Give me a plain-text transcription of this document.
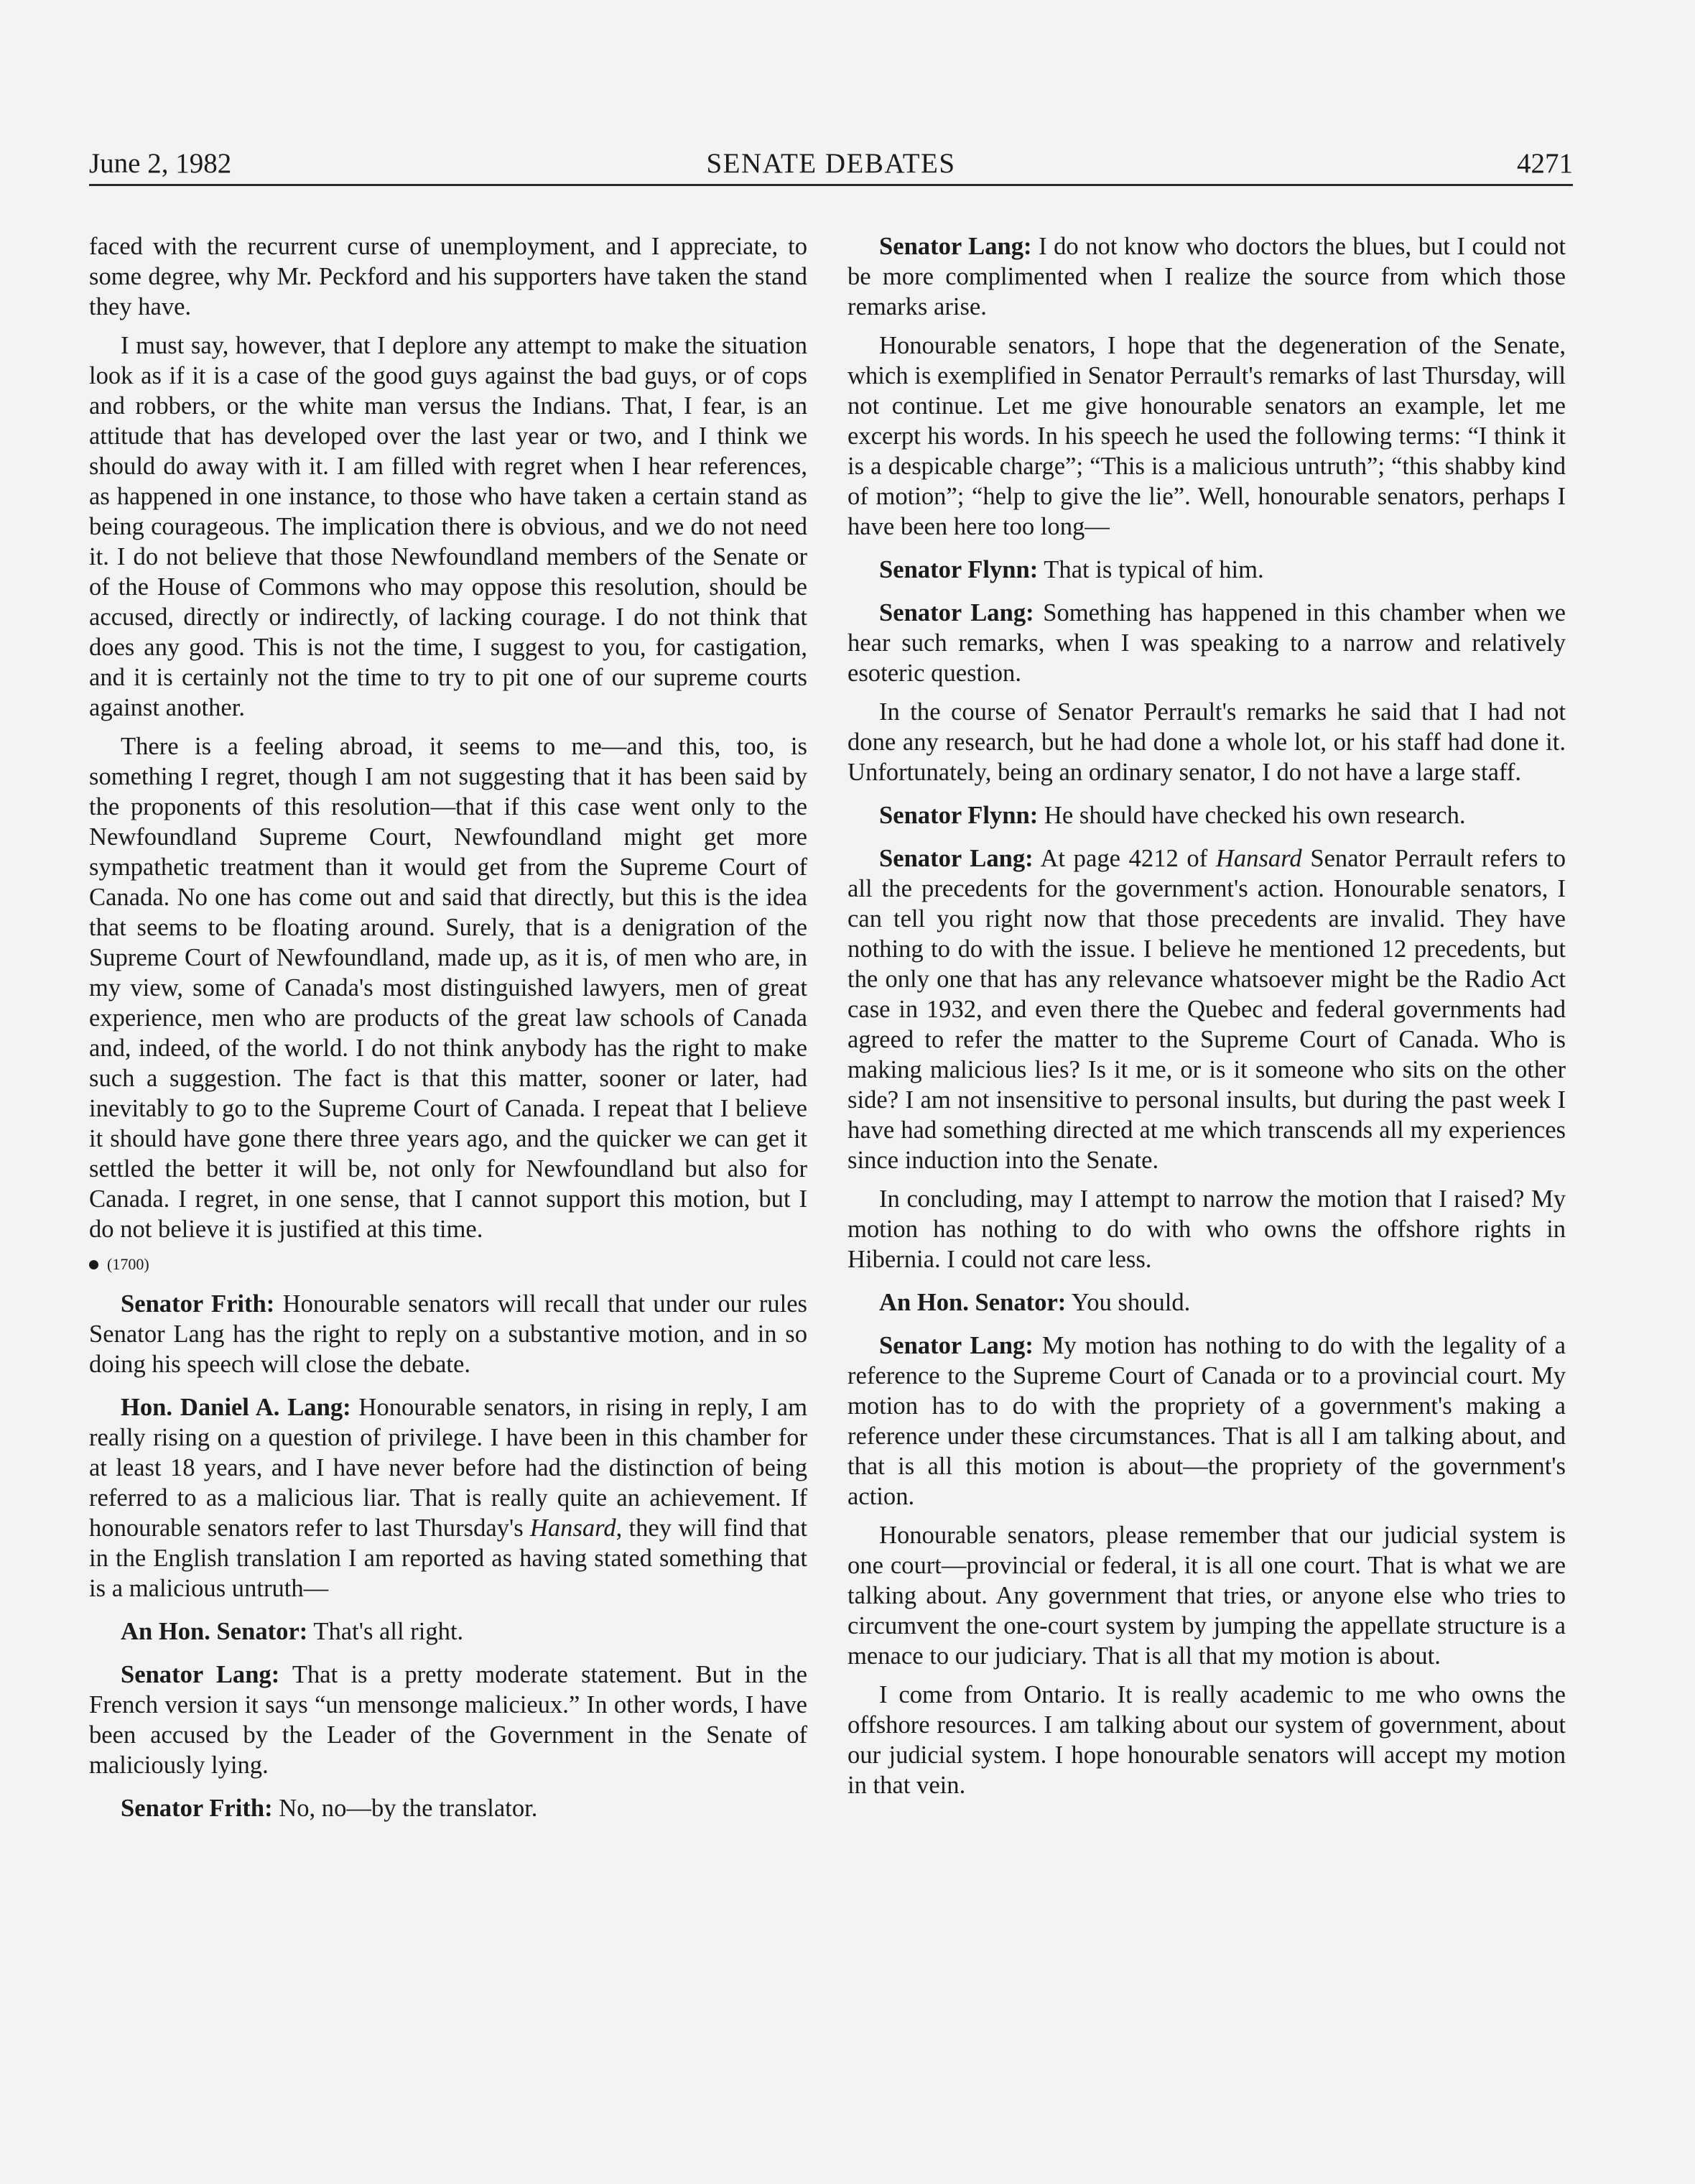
June 2, 1982	SENATE DEBATES	4271

faced with the recurrent curse of unemployment, and I appreciate, to some degree, why Mr. Peckford and his supporters have taken the stand they have.

I must say, however, that I deplore any attempt to make the situation look as if it is a case of the good guys against the bad guys, or of cops and robbers, or the white man versus the Indians. That, I fear, is an attitude that has developed over the last year or two, and I think we should do away with it. I am filled with regret when I hear references, as happened in one instance, to those who have taken a certain stand as being courageous. The implication there is obvious, and we do not need it. I do not believe that those Newfoundland members of the Senate or of the House of Commons who may oppose this resolution, should be accused, directly or indirectly, of lacking courage. I do not think that does any good. This is not the time, I suggest to you, for castigation, and it is certainly not the time to try to pit one of our supreme courts against another.

There is a feeling abroad, it seems to me—and this, too, is something I regret, though I am not suggesting that it has been said by the proponents of this resolution—that if this case went only to the Newfoundland Supreme Court, Newfoundland might get more sympathetic treatment than it would get from the Supreme Court of Canada. No one has come out and said that directly, but this is the idea that seems to be floating around. Surely, that is a denigration of the Supreme Court of Newfoundland, made up, as it is, of men who are, in my view, some of Canada's most distinguished lawyers, men of great experience, men who are products of the great law schools of Canada and, indeed, of the world. I do not think anybody has the right to make such a suggestion. The fact is that this matter, sooner or later, had inevitably to go to the Supreme Court of Canada. I repeat that I believe it should have gone there three years ago, and the quicker we can get it settled the better it will be, not only for Newfoundland but also for Canada. I regret, in one sense, that I cannot support this motion, but I do not believe it is justified at this time.

(1700)

Senator Frith: Honourable senators will recall that under our rules Senator Lang has the right to reply on a substantive motion, and in so doing his speech will close the debate.

Hon. Daniel A. Lang: Honourable senators, in rising in reply, I am really rising on a question of privilege. I have been in this chamber for at least 18 years, and I have never before had the distinction of being referred to as a malicious liar. That is really quite an achievement. If honourable senators refer to last Thursday's Hansard, they will find that in the English translation I am reported as having stated something that is a malicious untruth—

An Hon. Senator: That's all right.

Senator Lang: That is a pretty moderate statement. But in the French version it says “un mensonge malicieux.” In other words, I have been accused by the Leader of the Government in the Senate of maliciously lying.

Senator Frith: No, no—by the translator.

Senator Lang: I do not know who doctors the blues, but I could not be more complimented when I realize the source from which those remarks arise.

Honourable senators, I hope that the degeneration of the Senate, which is exemplified in Senator Perrault's remarks of last Thursday, will not continue. Let me give honourable senators an example, let me excerpt his words. In his speech he used the following terms: “I think it is a despicable charge”; “This is a malicious untruth”; “this shabby kind of motion”; “help to give the lie”. Well, honourable senators, perhaps I have been here too long—

Senator Flynn: That is typical of him.

Senator Lang: Something has happened in this chamber when we hear such remarks, when I was speaking to a narrow and relatively esoteric question.

In the course of Senator Perrault's remarks he said that I had not done any research, but he had done a whole lot, or his staff had done it. Unfortunately, being an ordinary senator, I do not have a large staff.

Senator Flynn: He should have checked his own research.

Senator Lang: At page 4212 of Hansard Senator Perrault refers to all the precedents for the government's action. Honourable senators, I can tell you right now that those precedents are invalid. They have nothing to do with the issue. I believe he mentioned 12 precedents, but the only one that has any relevance whatsoever might be the Radio Act case in 1932, and even there the Quebec and federal governments had agreed to refer the matter to the Supreme Court of Canada. Who is making malicious lies? Is it me, or is it someone who sits on the other side? I am not insensitive to personal insults, but during the past week I have had something directed at me which transcends all my experiences since induction into the Senate.

In concluding, may I attempt to narrow the motion that I raised? My motion has nothing to do with who owns the offshore rights in Hibernia. I could not care less.

An Hon. Senator: You should.

Senator Lang: My motion has nothing to do with the legality of a reference to the Supreme Court of Canada or to a provincial court. My motion has to do with the propriety of a government's making a reference under these circumstances. That is all I am talking about, and that is all this motion is about—the propriety of the government's action.

Honourable senators, please remember that our judicial system is one court—provincial or federal, it is all one court. That is what we are talking about. Any government that tries, or anyone else who tries to circumvent the one-court system by jumping the appellate structure is a menace to our judiciary. That is all that my motion is about.

I come from Ontario. It is really academic to me who owns the offshore resources. I am talking about our system of government, about our judicial system. I hope honourable senators will accept my motion in that vein.
